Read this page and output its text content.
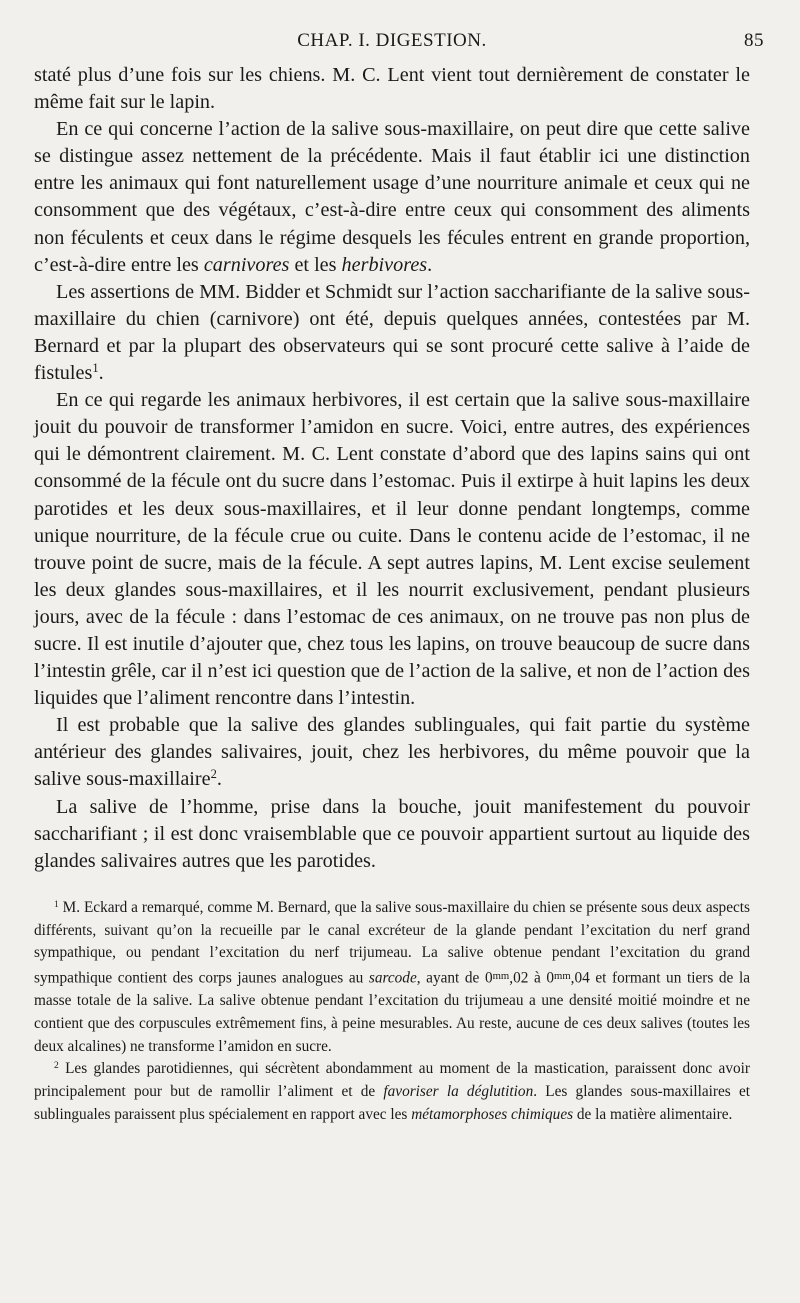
CHAP. I. DIGESTION.	85

staté plus d’une fois sur les chiens. M. C. Lent vient tout dernièrement de constater le même fait sur le lapin.

En ce qui concerne l’action de la salive sous-maxillaire, on peut dire que cette salive se distingue assez nettement de la précédente. Mais il faut établir ici une distinction entre les animaux qui font naturellement usage d’une nourriture animale et ceux qui ne consomment que des végétaux, c’est-à-dire entre ceux qui consomment des aliments non féculents et ceux dans le régime desquels les fécules entrent en grande proportion, c’est-à-dire entre les carnivores et les herbivores.

Les assertions de MM. Bidder et Schmidt sur l’action saccharifiante de la salive sous-maxillaire du chien (carnivore) ont été, depuis quelques années, contestées par M. Bernard et par la plupart des observateurs qui se sont procuré cette salive à l’aide de fistules$^1$.

En ce qui regarde les animaux herbivores, il est certain que la salive sous-maxillaire jouit du pouvoir de transformer l’amidon en sucre. Voici, entre autres, des expériences qui le démontrent clairement. M. C. Lent constate d’abord que des lapins sains qui ont consommé de la fécule ont du sucre dans l’estomac. Puis il extirpe à huit lapins les deux parotides et les deux sous-maxillaires, et il leur donne pendant longtemps, comme unique nourriture, de la fécule crue ou cuite. Dans le contenu acide de l’estomac, il ne trouve point de sucre, mais de la fécule. A sept autres lapins, M. Lent excise seulement les deux glandes sous-maxillaires, et il les nourrit exclusivement, pendant plusieurs jours, avec de la fécule : dans l’estomac de ces animaux, on ne trouve pas non plus de sucre. Il est inutile d’ajouter que, chez tous les lapins, on trouve beaucoup de sucre dans l’intestin grêle, car il n’est ici question que de l’action de la salive, et non de l’action des liquides que l’aliment rencontre dans l’intestin.

Il est probable que la salive des glandes sublinguales, qui fait partie du système antérieur des glandes salivaires, jouit, chez les herbivores, du même pouvoir que la salive sous-maxillaire$^2$.

La salive de l’homme, prise dans la bouche, jouit manifestement du pouvoir saccharifiant ; il est donc vraisemblable que ce pouvoir appartient surtout au liquide des glandes salivaires autres que les parotides.

$^1$ M. Eckard a remarqué, comme M. Bernard, que la salive sous-maxillaire du chien se présente sous deux aspects différents, suivant qu’on la recueille par le canal excréteur de la glande pendant l’excitation du nerf grand sympathique, ou pendant l’excitation du nerf trijumeau. La salive obtenue pendant l’excitation du grand sympathique contient des corps jaunes analogues au sarcode, ayant de $0^{mm},02$ à $0^{mm},04$ et formant un tiers de la masse totale de la salive. La salive obtenue pendant l’excitation du trijumeau a une densité moitié moindre et ne contient que des corpuscules extrêmement fins, à peine mesurables. Au reste, aucune de ces deux salives (toutes les deux alcalines) ne transforme l’amidon en sucre.

$^2$ Les glandes parotidiennes, qui sécrètent abondamment au moment de la mastication, paraissent donc avoir principalement pour but de ramollir l’aliment et de favoriser la déglutition. Les glandes sous-maxillaires et sublinguales paraissent plus spécialement en rapport avec les métamorphoses chimiques de la matière alimentaire.
